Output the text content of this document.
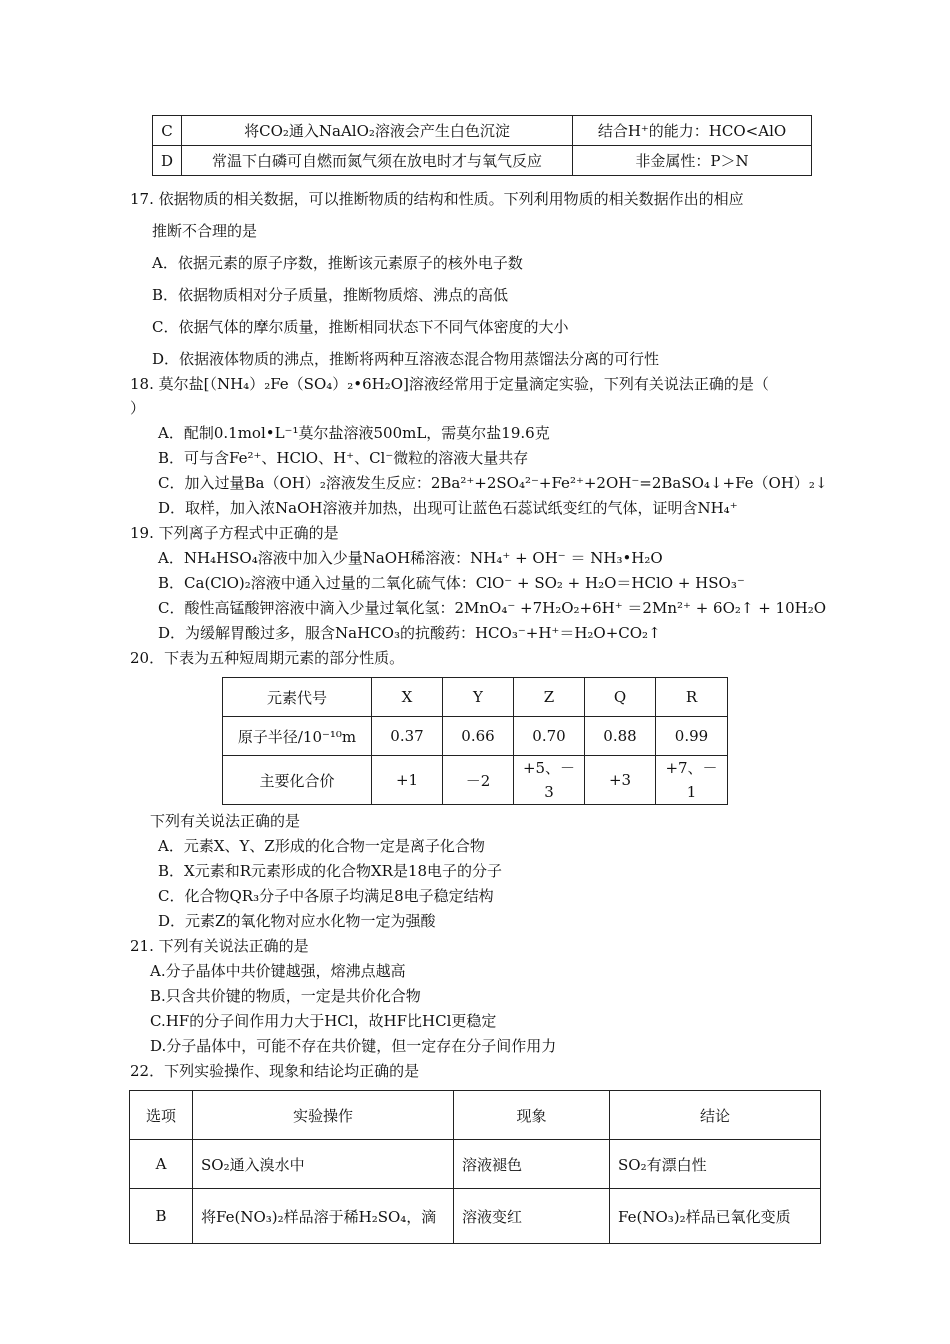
C	将CO₂通入NaAlO₂溶液会产生白色沉淀	结合H⁺的能力：HCO<AlO
D	常温下白磷可自燃而氮气须在放电时才与氧气反应	非金属性：P＞N
17. 依据物质的相关数据，可以推断物质的结构和性质。下列利用物质的相关数据作出的相应
推断不合理的是
A．依据元素的原子序数，推断该元素原子的核外电子数
B．依据物质相对分子质量，推断物质熔、沸点的高低
C．依据气体的摩尔质量，推断相同状态下不同气体密度的大小
D．依据液体物质的沸点，推断将两种互溶液态混合物用蒸馏法分离的可行性
18. 莫尔盐[（NH₄）₂Fe（SO₄）₂•6H₂O]溶液经常用于定量滴定实验，下列有关说法正确的是（
）
A．配制0.1mol•L⁻¹莫尔盐溶液500mL，需莫尔盐19.6克
B．可与含Fe²⁺、HClO、H⁺、Cl⁻微粒的溶液大量共存
C．加入过量Ba（OH）₂溶液发生反应：2Ba²⁺+2SO₄²⁻+Fe²⁺+2OH⁻=2BaSO₄↓+Fe（OH）₂↓
D．取样，加入浓NaOH溶液并加热，出现可让蓝色石蕊试纸变红的气体，证明含NH₄⁺
19. 下列离子方程式中正确的是
A．NH₄HSO₄溶液中加入少量NaOH稀溶液：NH₄⁺ + OH⁻ ＝ NH₃•H₂O
B．Ca(ClO)₂溶液中通入过量的二氧化硫气体：ClO⁻ + SO₂ + H₂O＝HClO + HSO₃⁻
C．酸性高锰酸钾溶液中滴入少量过氧化氢：2MnO₄⁻ +7H₂O₂+6H⁺ ＝2Mn²⁺ + 6O₂↑ + 10H₂O
D．为缓解胃酸过多，服含NaHCO₃的抗酸药：HCO₃⁻+H⁺＝H₂O+CO₂↑
20．下表为五种短周期元素的部分性质。
元素代号	X	Y	Z	Q	R
原子半径/10⁻¹⁰m	0.37	0.66	0.70	0.88	0.99
主要化合价	+1	－2	+5、－3	+3	+7、－1
下列有关说法正确的是
A．元素X、Y、Z形成的化合物一定是离子化合物
B．X元素和R元素形成的化合物XR是18电子的分子
C．化合物QR₃分子中各原子均满足8电子稳定结构
D．元素Z的氧化物对应水化物一定为强酸
21. 下列有关说法正确的是
A.分子晶体中共价键越强，熔沸点越高
B.只含共价键的物质，一定是共价化合物
C.HF的分子间作用力大于HCl，故HF比HCl更稳定
D.分子晶体中，可能不存在共价键，但一定存在分子间作用力
22．下列实验操作、现象和结论均正确的是
选项	实验操作	现象	结论
A	SO₂通入溴水中	溶液褪色	SO₂有漂白性
B	将Fe(NO₃)₂样品溶于稀H₂SO₄，滴	溶液变红	Fe(NO₃)₂样品已氧化变质
